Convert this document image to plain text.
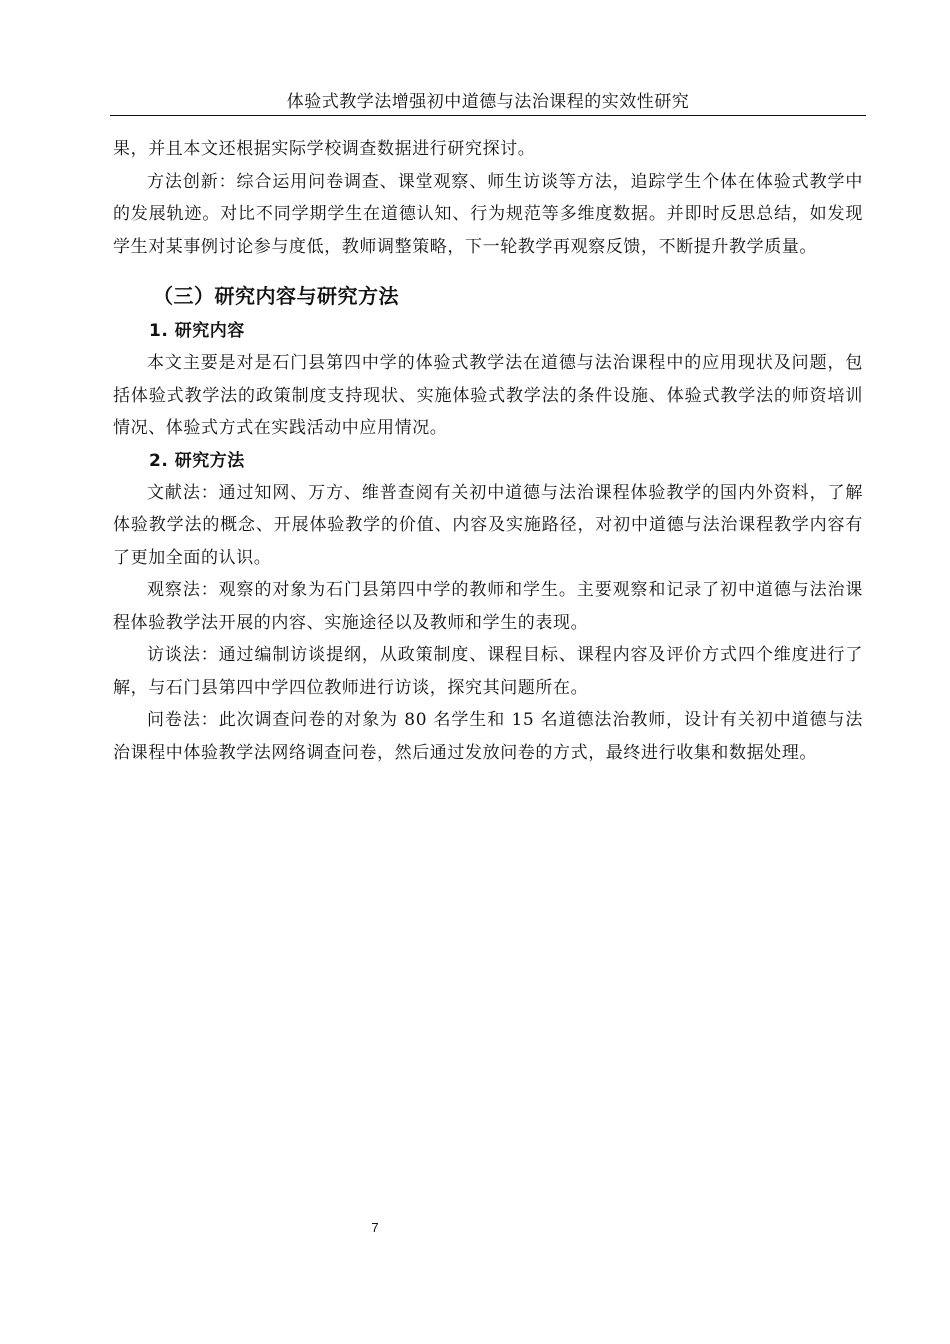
体验式教学法增强初中道德与法治课程的实效性研究

果，并且本文还根据实际学校调查数据进行研究探讨。

方法创新：综合运用问卷调查、课堂观察、师生访谈等方法，追踪学生个体在体验式教学中的发展轨迹。对比不同学期学生在道德认知、行为规范等多维度数据。并即时反思总结，如发现学生对某事例讨论参与度低，教师调整策略，下一轮教学再观察反馈，不断提升教学质量。

（三）研究内容与研究方法
1. 研究内容

本文主要是对是石门县第四中学的体验式教学法在道德与法治课程中的应用现状及问题，包括体验式教学法的政策制度支持现状、实施体验式教学法的条件设施、体验式教学法的师资培训情况、体验式方式在实践活动中应用情况。

2. 研究方法

文献法：通过知网、万方、维普查阅有关初中道德与法治课程体验教学的国内外资料，了解体验教学法的概念、开展体验教学的价值、内容及实施路径，对初中道德与法治课程教学内容有了更加全面的认识。

观察法：观察的对象为石门县第四中学的教师和学生。主要观察和记录了初中道德与法治课程体验教学法开展的内容、实施途径以及教师和学生的表现。

访谈法：通过编制访谈提纲，从政策制度、课程目标、课程内容及评价方式四个维度进行了解，与石门县第四中学四位教师进行访谈，探究其问题所在。

问卷法：此次调查问卷的对象为 80 名学生和 15 名道德法治教师，设计有关初中道德与法治课程中体验教学法网络调查问卷，然后通过发放问卷的方式，最终进行收集和数据处理。

7
